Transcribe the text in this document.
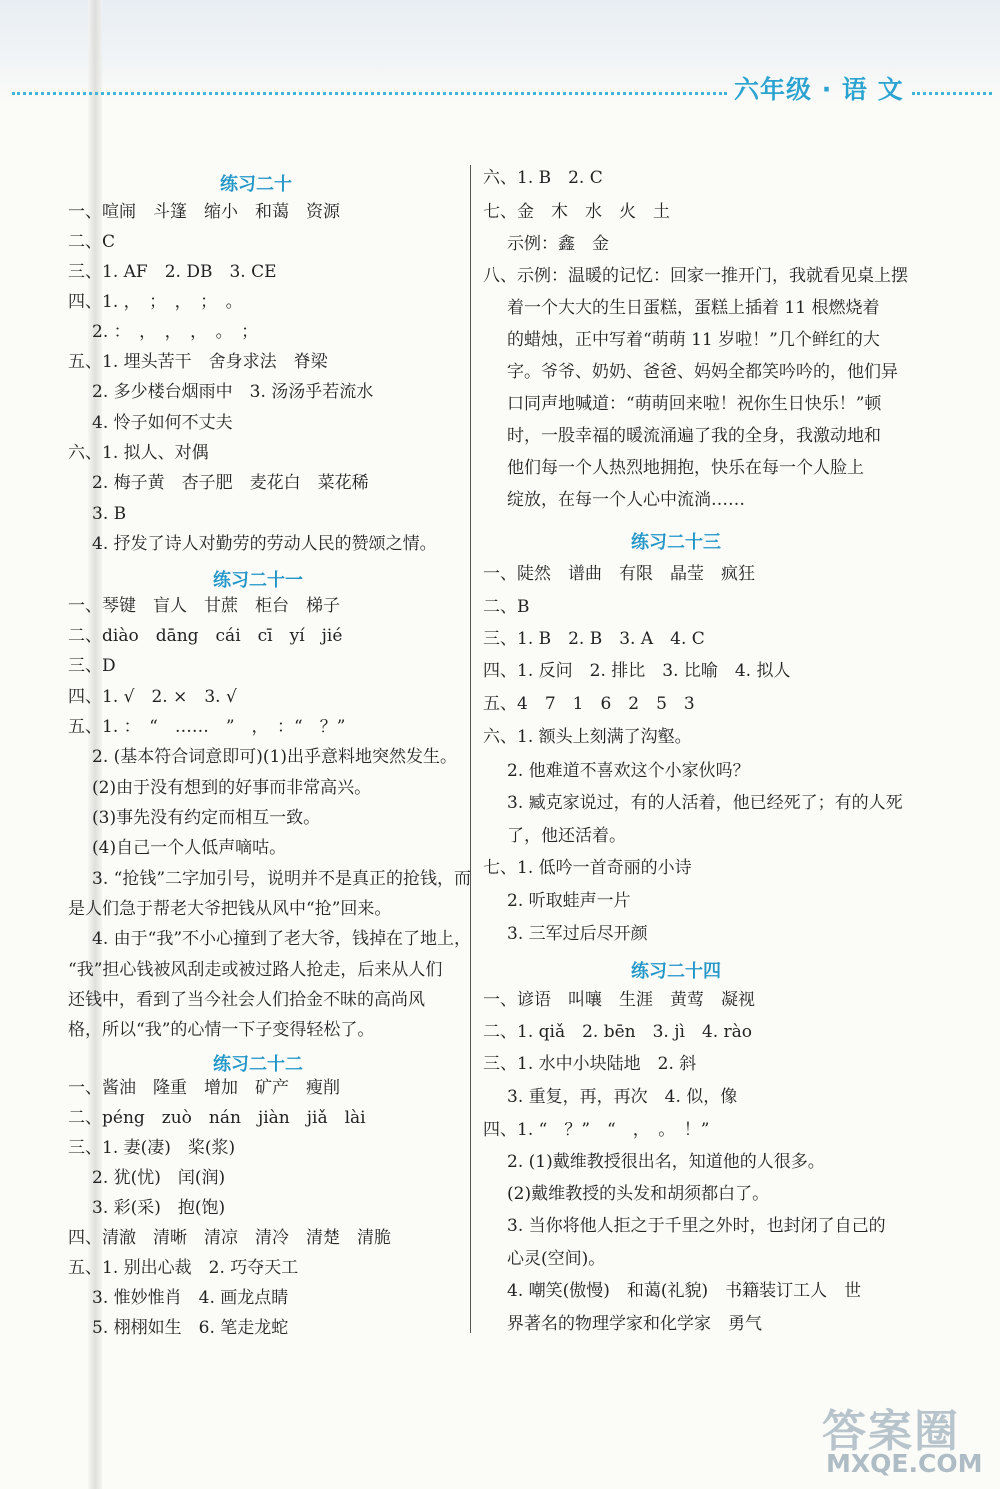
六年级 · 语 文
练习二十
一、喧闹　斗篷　缩小　和蔼　资源
二、C
三、1. AF　2. DB　3. CE
四、1. ，　；　，　；　。
2. ：　，　，　，　。　；
五、1. 埋头苦干　舍身求法　脊梁
2. 多少楼台烟雨中　3. 汤汤乎若流水
4. 怜子如何不丈夫
六、1. 拟人、对偶
2. 梅子黄　杏子肥　麦花白　菜花稀
3. B
4. 抒发了诗人对勤劳的劳动人民的赞颂之情。
练习二十一
一、琴键　盲人　甘蔗　柜台　梯子
二、diào　dāng　cái　cī　yí　jié
三、D
四、1. √　2. ×　3. √
五、1. ：　“　……　”　，　：“　？”
2. (基本符合词意即可)(1)出乎意料地突然发生。
(2)由于没有想到的好事而非常高兴。
(3)事先没有约定而相互一致。
(4)自己一个人低声嘀咕。
3. “抢钱”二字加引号，说明并不是真正的抢钱，而
是人们急于帮老大爷把钱从风中“抢”回来。
4. 由于“我”不小心撞到了老大爷，钱掉在了地上，
“我”担心钱被风刮走或被过路人抢走，后来从人们
还钱中，看到了当今社会人们拾金不昧的高尚风
格，所以“我”的心情一下子变得轻松了。
练习二十二
一、酱油　隆重　增加　矿产　瘦削
二、péng　zuò　nán　jiàn　jiǎ　lài
三、1. 妻(凄)　桨(浆)
2. 犹(忧)　闰(润)
3. 彩(采)　抱(饱)
四、清澈　清晰　清凉　清冷　清楚　清脆
五、1. 别出心裁　2. 巧夺天工
3. 惟妙惟肖　4. 画龙点睛
5. 栩栩如生　6. 笔走龙蛇
六、1. B　2. C
七、金　木　水　火　土
示例：鑫　金
八、示例：温暖的记忆：回家一推开门，我就看见桌上摆
着一个大大的生日蛋糕，蛋糕上插着 11 根燃烧着
的蜡烛，正中写着“萌萌 11 岁啦！”几个鲜红的大
字。爷爷、奶奶、爸爸、妈妈全都笑吟吟的，他们异
口同声地喊道：“萌萌回来啦！祝你生日快乐！”顿
时，一股幸福的暖流涌遍了我的全身，我激动地和
他们每一个人热烈地拥抱，快乐在每一个人脸上
绽放，在每一个人心中流淌……
练习二十三
一、陡然　谱曲　有限　晶莹　疯狂
二、B
三、1. B　2. B　3. A　4. C
四、1. 反问　2. 排比　3. 比喻　4. 拟人
五、4　7　1　6　2　5　3
六、1. 额头上刻满了沟壑。
2. 他难道不喜欢这个小家伙吗？
3. 臧克家说过，有的人活着，他已经死了；有的人死
了，他还活着。
七、1. 低吟一首奇丽的小诗
2. 听取蛙声一片
3. 三军过后尽开颜
练习二十四
一、谚语　叫嚷　生涯　黄莺　凝视
二、1. qiǎ　2. bēn　3. jì　4. rào
三、1. 水中小块陆地　2. 斜
3. 重复，再，再次　4. 似，像
四、1. “　？”　“　，　。　！”
2. (1)戴维教授很出名，知道他的人很多。
(2)戴维教授的头发和胡须都白了。
3. 当你将他人拒之于千里之外时，也封闭了自己的
心灵(空间)。
4. 嘲笑(傲慢)　和蔼(礼貌)　书籍装订工人　世
界著名的物理学家和化学家　勇气
答案圈
MXQE.COM
